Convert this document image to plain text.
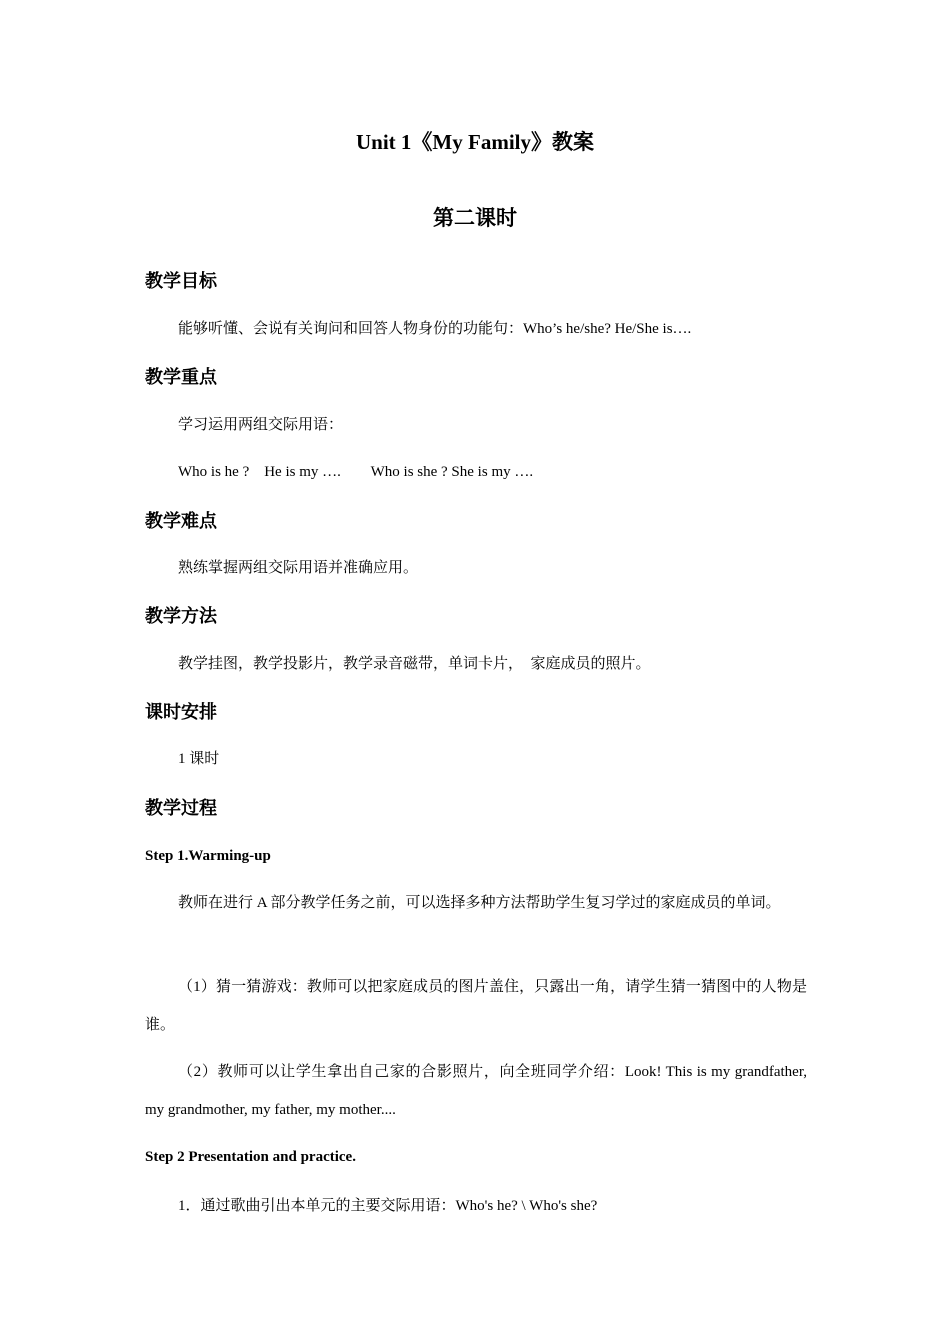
Unit 1《My Family》教案
第二课时
教学目标
能够听懂、会说有关询问和回答人物身份的功能句：Who’s he/she? He/She is….
教学重点
学习运用两组交际用语：
Who is he ?    He is my ….        Who is she ? She is my ….
教学难点
熟练掌握两组交际用语并准确应用。
教学方法
教学挂图，教学投影片，教学录音磁带，单词卡片，  家庭成员的照片。
课时安排
1 课时
教学过程
Step 1.Warming-up
教师在进行 A 部分教学任务之前，可以选择多种方法帮助学生复习学过的家庭成员的单词。
（1）猜一猜游戏：教师可以把家庭成员的图片盖住，只露出一角，请学生猜一猜图中的人物是谁。
（2）教师可以让学生拿出自己家的合影照片，向全班同学介绍：Look! This is my grandfather, my grandmother, my father, my mother....
Step 2 Presentation and practice.
1．通过歌曲引出本单元的主要交际用语：Who's he? \ Who's she?
